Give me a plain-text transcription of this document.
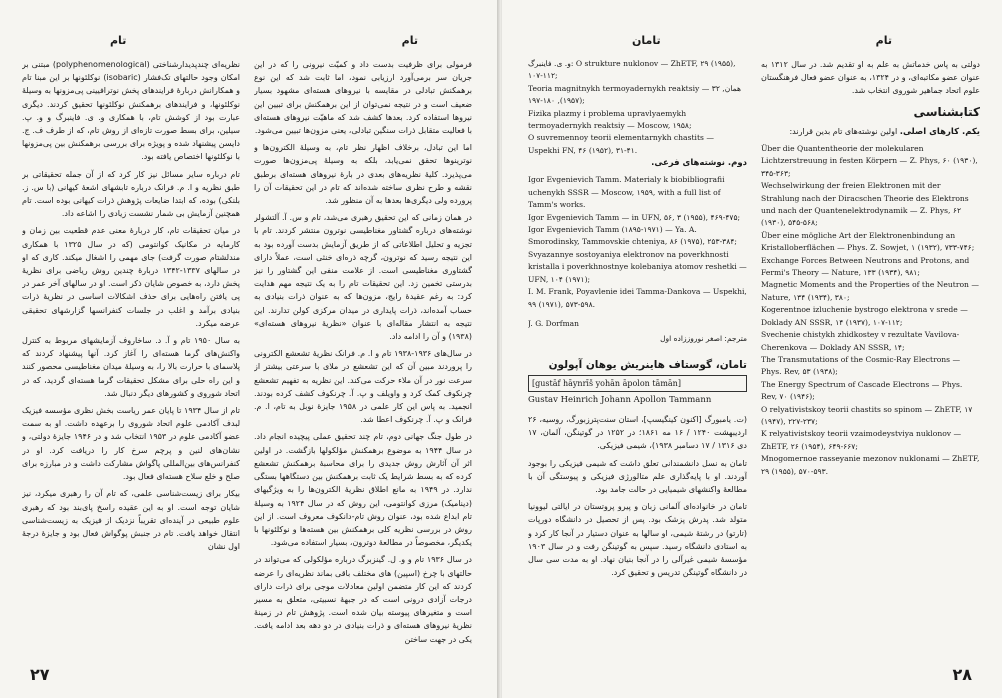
تام
تام

فرمولی برای ظرفیت بدست داد و کمیّت نیرونی را که در این جریان سر برمی‌آورد ارزیابی نمود، اما ثابت شد که این نوع برهمکنش تبادلی در مقایسه با نیروهای هسته‌ای مشهود بسیار ضعیف است و در نتیجه نمی‌توان از این برهمکنش برای تبیین این نیروها استفاده کرد. بعدها کشف شد که ماهیّت نیروهای هسته‌ای با فعالیت متقابل ذرات سنگین تبادلی، یعنی مزون‌ها تبیین می‌شود.

اما این تبادل، برخلاف اظهار نظر تام، به وسیلهٔ الکترون‌ها و نوترینوها تحقق نمی‌یابد، بلکه به وسیلهٔ پی‌مزون‌ها صورت می‌پذیرد. کلیهٔ نظریه‌های بعدی در بارهٔ نیروهای هسته‌ای برطبق نقشه و طرح نظری ساخته شده‌اند که تام در این تحقیقات آن را پرورده ولی دیگری‌ها بعدها به آن منظور شد.

در همان زمانی که این تحقیق رهبری می‌شد، تام و س. آ. آلتشولر نوشته‌های درباره گشتاور مغناطیسی نوترون منتشر کردند. تام با تجزیه و تحلیل اطلاعاتی که از طریق آزمایش بدست آورده بود به این نتیجه رسید که نوترون، گرچه ذره‌ای خنثی است، عملاً دارای گشتاوری مغناطیسی است. از علامت منفی این گشتاور را نیز بدرستی تخمین زد. این تحقیقات تام را به یک نتیجه مهم هدایت کرد: به رغم عقیدهٔ رایج، مزون‌ها که به عنوان ذرات بنیادی به حساب آمده‌اند، ذرات پایداری در میدان مرکزی کولن تدارند. این نتیجه به انتشار مقاله‌ای با عنوان «نظریهٔ نیروهای هسته‌ای» (۱۹۳۸) و آن را ادامه داد.

در سال‌های ۱۹۳۶-۱۹۳۸ تام و ا. م. فرانک نظریهٔ تشعشع الکترونی را پروردند مبین آن که این تشعشع در ملای با سرعتی بیشتر از سرعت نور در آن ملاء حرکت می‌کند. این نظریه به تفهیم تشعشع چرنکوف کمک کرد و واویلف و پ. آ. چرنکوف کشف کرده بودند. انجمید. به پاس این کار علمی در ۱۹۵۸ جایزهٔ نوبل به تام، ا. م. فرانک و پ. آ. چرنکوف اعطا شد.

در طول جنگ جهانی دوم، تام چند تحقیق عملی پیچیده انجام داد. در سال ۱۹۴۴ به موضوع برهمکنش مؤلکولها بازگشت. در اولین اثر آن آثارش روش جدیدی را برای محاسبهٔ برهمکنش تشعشع کرده که به بسط شرایط یک ثابت برهمکنش بین دستگاهها بستگی ندارد. در ۱۹۴۹ به مانع اطلاق نظریهٔ الکترون‌ها را به ویژگیهای (دیناميک) مرزی کوانتومی، این روش که در سال ۱۹۲۴ به وسیلهٔ تام ابداع شده بود، عنوان روش تام-دانکوف معروف است. از این روش در بررسی نظریه کلی برهمکنش بین هسته‌ها و نوکلئونها با یکدیگر، مخصوصاً در مطالعهٔ دوترون، بسیار استفاده می‌شود.

در سال ۱۹۳۶ تام و و. ل. گینزبرگ درباره مؤلکولی که می‌تواند در حالتهای با چرخ (اسپین) های مختلف باقی بماند نظریه‌ای را عرضه کردند که این کار متضمن اولین معادلات موجی برای ذرات دارای درجات آزادی درونی است که در جبههٔ نسبیتی، متعلق به مسیر است و متغیرهای پیوسته بیان شده است. پژوهش تام در زمینهٔ نظریهٔ نیروهای هسته‌ای و ذرات بنیادی در دو دهه بعد ادامه یافت. یکی در جهت ساختن

نظریه‌ای چندپدیدارشناختی (polyphenomenological) مبتنی بر امکان وجود حالتهای تک‌فشار (isobaric) نوکلئونها بر این مبنا تام و همکارانش دربارهٔ فرایندهای پخش نوترافیینی پی‌مزونها به وسیلهٔ نوکلئونها، و فرایندهای برهمکنش نوکلئونها تحقیق کردند. دیگری عبارت بود از کوشش تام، با همکاری و. ی. فاینبرگ و و. پ. سیلین، برای بسط صورت تازه‌ای از روش تام، که از طرف ف. ج. دایسن پیشنهاد شده و پویژه برای بررسی برهمکنش بین پی‌مزونها با نوکلئونها اختصاص یافته بود.

تام درباره سایر مسائل نیز کار کرد که از آن جمله تحقیقاتی بر طبق نظریه و ا. م. فرانک درباره تابشهای اشعهٔ کیهانی (با س. ز. بلنکی) بوده، که ابتدا ضایعات پژوهش ذرات کیهانی بوده است. تام همچنین آزمایش بی شمار نشست زیادی را اشاعه داد.

در میان تحقیقات تام، کار دربارهٔ معنی عدم قطعیت بین زمان و کارمایه در مکانیک کوانتومی (که در سال ۱۳۲۵ با همکاری مندلشتام صورت گرفت) جای مهمی را اشغال میکند. کاری که او در سالهای ۱۳۳۷-۱۳۴۲ دربارهٔ چندین روش ریاضی برای نظریهٔ پخش دارد، به خصوص شایان ذکر است. او در سالهای آخر عمر در پی یافتن راه‌هایی برای حذف اشکالات اساسی در نظریهٔ ذرات بنیادی برآمد و اغلب در جلسات کنفرانسها گزارشهای تحقیقی عرضه میکرد.

به سال ۱۹۵۰ تام و آ. د. ساخاروف آزمایشهای مربوط به کنترل واکنش‌های گرما هسته‌ای را آغاز کرد. آنها پیشنهاد کردند که پلاسمای با حرارت بالا را، به وسیلهٔ میدان مغناطیسی محصور کنند و این راه حلی برای مشکل تحقیقات گرما هسته‌ای گردید، که در اتحاد شوروی و کشورهای دیگر دنبال شد.

تام از سال ۱۹۳۴ تا پایان عمر ریاست بخش نظری مؤسسه فیزیک لبدف آکادمی علوم اتحاد شوروی را برعهده داشت. او به سمت عضو آکادمی علوم در ۱۹۵۳ انتخاب شد و در ۱۹۴۶ جایزهٔ دولتی، و نشان‌های لنین و پرچم سرخ کار را دریافت کرد. او در کنفرانس‌های بین‌المللی پاگواش مشارکت داشت و در مبارزه برای صلح و خلع سلاح هسته‌ای فعال بود.

بیکار برای زیست‌شناسی علمی، که تام آن را رهبری میکرد، نیز شایان توجه است. او به این عقیده راسخ پای‌بند بود که رهبری علوم طبیعی در آینده‌ای تقریباً نزدیک از فیزیک به زیست‌شناسی انتقال خواهد یافت. تام در جنبش پوگواش فعال بود و جایزهٔ درجهٔ اول نشان

۲۷
تام
تامان

دولتی به پاس خدماتش به علم به او تقدیم شد. در سال ۱۳۱۲ به عنوان عضو مکاتبه‌ای، و در ۱۳۲۴، به عنوان عضو فعال فرهنگستان علوم اتحاد جماهیر شوروی انتخاب شد.

کتابشناسی

یکم. کارهای اصلی. اولین نوشته‌های تام بدین قرارند:

Über die Quantentheorie der molekularen Lichtzerstreuung in festen Körpern — Z. Phys, ۶۰ (۱۹۳۰), ۳۴۵-۳۶۳;
Wechselwirkung der freien Elektronen mit der Strahlung nach der Diracschen Theorie des Elektrons und nach der Quantenelektrodynamik — Z. Phys, ۶۲ (۱۹۳۰), ۵۴۵-۵۶۸;
Über eine mögliche Art der Elektronenbindung an Kristalloberflächen — Phys. Z. Sowjet, ۱ (۱۹۳۲), ۷۳۳-۷۴۶;
Exchange Forces Between Neutrons and Protons, and Fermi's Theory — Nature, ۱۳۳ (۱۹۳۴), ۹۸۱;
Magnetic Moments and the Properties of the Neutron — Nature, ۱۳۴ (۱۹۳۴), ۳۸۰;
Kogerentnoe izluchenie bystrogo elektrona v srede — Doklady AN SSSR, ۱۴ (۱۹۳۷), ۱۰۷-۱۱۲;
Svechenie chistykh zhidkostey v rezultate Vavilova-Cherenkova — Doklady AN SSSR, ۱۴;
The Transmutations of the Cosmic-Ray Electrons — Phys. Rev, ۵۳ (۱۹۳۸);
The Energy Spectrum of Cascade Electrons — Phys. Rev, ۷۰ (۱۹۴۶);
O relyativistskoy teorii chastits so spinom — ZhETF, ۱۷ (۱۹۴۷), ۲۲۷-۲۳۷;
K relyativistskoy teorii vzaimodeystviya nuklonov — ZhETF, ۲۶ (۱۹۵۴), ۶۴۹-۶۶۷;
Mnogomernoe rasseyanie mezonov nuklonami — ZhETF, ۲۹ (۱۹۵۵), ۵۷۰-۵۹۳.
و. ی. فاینبرگ: O strukture nuklonov — ZhETF, ۲۹ (۱۹۵۵), ۱۰۷-۱۱۲;
Teoria magnitnykh termoyadernykh reaktsiy — همان, ۳۲ (۱۹۵۷), ۱۸۰-۱۹۷;
Fizika plazmy i problema upravlyaemykh termoyadernykh reaktsiy — Moscow, ۱۹۵۸;
O suvremennoy teorii elementarnykh chastits — Uspekhi FN, ۴۶ (۱۹۵۲), ۳۱-۴۱.

دوم. نوشته‌های فرعی.

Igor Evgenievich Tamm. Materialy k biobibliografii uchenykh SSSR — Moscow, ۱۹۵۹, with a full list of Tamm's works.
Igor Evgenievich Tamm — in UFN, ۵۶, ۳ (۱۹۵۵), ۴۶۹-۴۷۵;
Igor Evgenievich Tamm (۱۸۹۵-۱۹۷۱) — Ya. A. Smorodinsky, Tammovskie chteniya, ۸۶ (۱۹۷۵), ۲۵۳-۳۸۴;
Svyazannye sostoyaniya elektronov na poverkhnosti kristalla i poverkhnostnye kolebaniya atomov reshetki — UFN, ۱۰۴ (۱۹۷۱);
I. M. Frank, Poyavlenie idei Tamma-Dankova — Uspekhi, ۹۹ (۱۹۷۱), ۵۷۳-۵۹۸.
J. G. Dorfman
مترجم: اصغر نوروززاده اول
تامان، گوستاف هاینریش یوهان آپولون
[gustāf hāynrīš yohān āpolon tāmān]
Gustav Heinrich Johann Apollon Tammann

(ت. یامبورگ [اکنون کینگیسپ]، استان سنت‌پترزبورگ، روسیه، ۲۶ اردیبهشت ۱۲۴۰ / ۱۶ مه ۱۸۶۱؛ در ۱۲۵۲ در گوتینگن، آلمان، ۱۷ دی ۱۳۱۶ / ۱۷ دسامبر ۱۹۳۸)، شیمی فیزیکی.

تامان به نسل دانشمندانی تعلق داشت که شیمی فیزیکی را بوجود آوردند. او با پایه‌گذاری علم متالورژی فیزیکی و پیوستگی آن با مطالعهٔ واکنشهای شیمیایی در حالت جامد بود.

تامان در خانواده‌ای آلمانی زبان و پیرو پروتستان در ایالتی لیوونیا متولد شد. پدرش پزشک بود. پس از تحصیل در دانشگاه دورپات (تارتو) در رشتهٔ شیمی، او سالها به عنوان دستیار در آنجا کار کرد و به استادی دانشگاه رسید. سپس به گوتینگن رفت و در سال ۱۹۰۳ مؤسسهٔ شیمی غیرآلی را در آنجا بنیان نهاد. او به مدت سی سال در دانشگاه گوتینگن تدریس و تحقیق کرد.

۲۸
